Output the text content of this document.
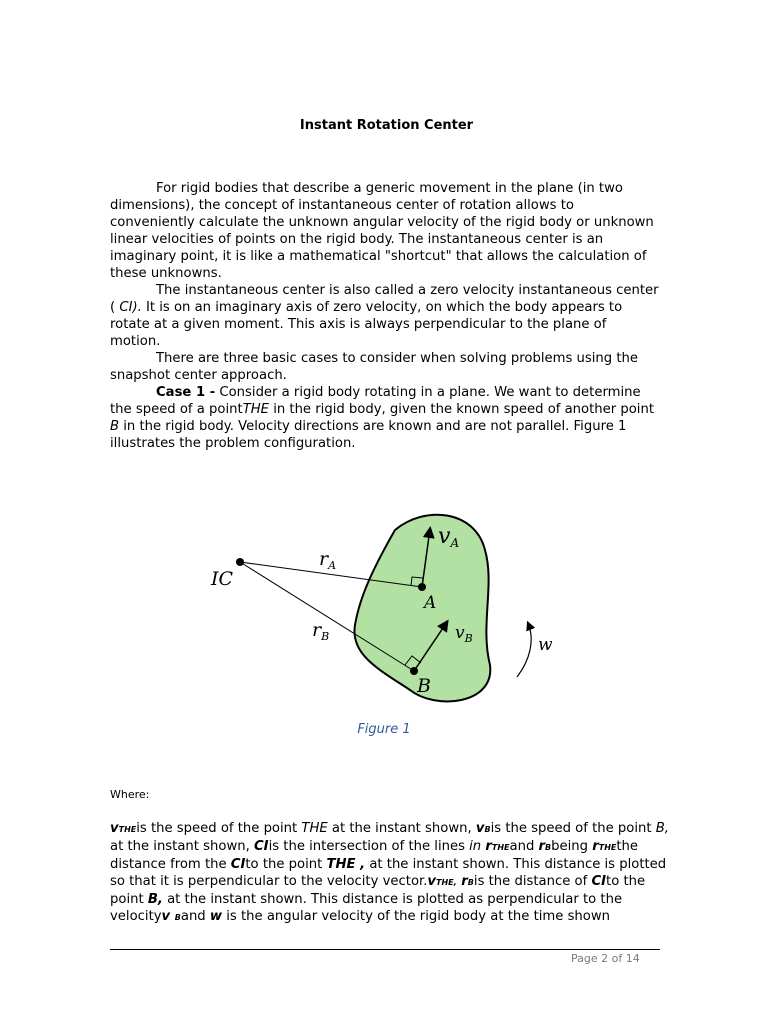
Instant Rotation Center

For rigid bodies that describe a generic movement in the plane (in two dimensions), the concept of instantaneous center of rotation allows to conveniently calculate the unknown angular velocity of the rigid body or unknown linear velocities of points on the rigid body. The instantaneous center is an imaginary point, it is like a mathematical "shortcut" that allows the calculation of these unknowns.

The instantaneous center is also called a zero velocity instantaneous center ( CI). It is on an imaginary axis of zero velocity, on which the body appears to rotate at a given moment. This axis is always perpendicular to the plane of motion.

There are three basic cases to consider when solving problems using the snapshot center approach.

Case 1 - Consider a rigid body rotating in a plane. We want to determine the speed of a pointTHE in the rigid body, given the known speed of another point B in the rigid body. Velocity directions are known and are not parallel. Figure 1 illustrates the problem configuration.

IC
$r_A$
$r_B$
vA
$v_B$
A
B
w
Figure 1
Where:
vTHEis the speed of the point THE at the instant shown, vBis the speed of the point B, at the instant shown, CIis the intersection of the lines in rTHEand rBbeing rTHEthe distance from the CIto the point THE , at the instant shown. This distance is plotted so that it is perpendicular to the velocity vector.vTHE, rBis the distance of CIto the point B, at the instant shown. This distance is plotted as perpendicular to the velocityv Band w is the angular velocity of the rigid body at the time shown
Page 2 of 14
